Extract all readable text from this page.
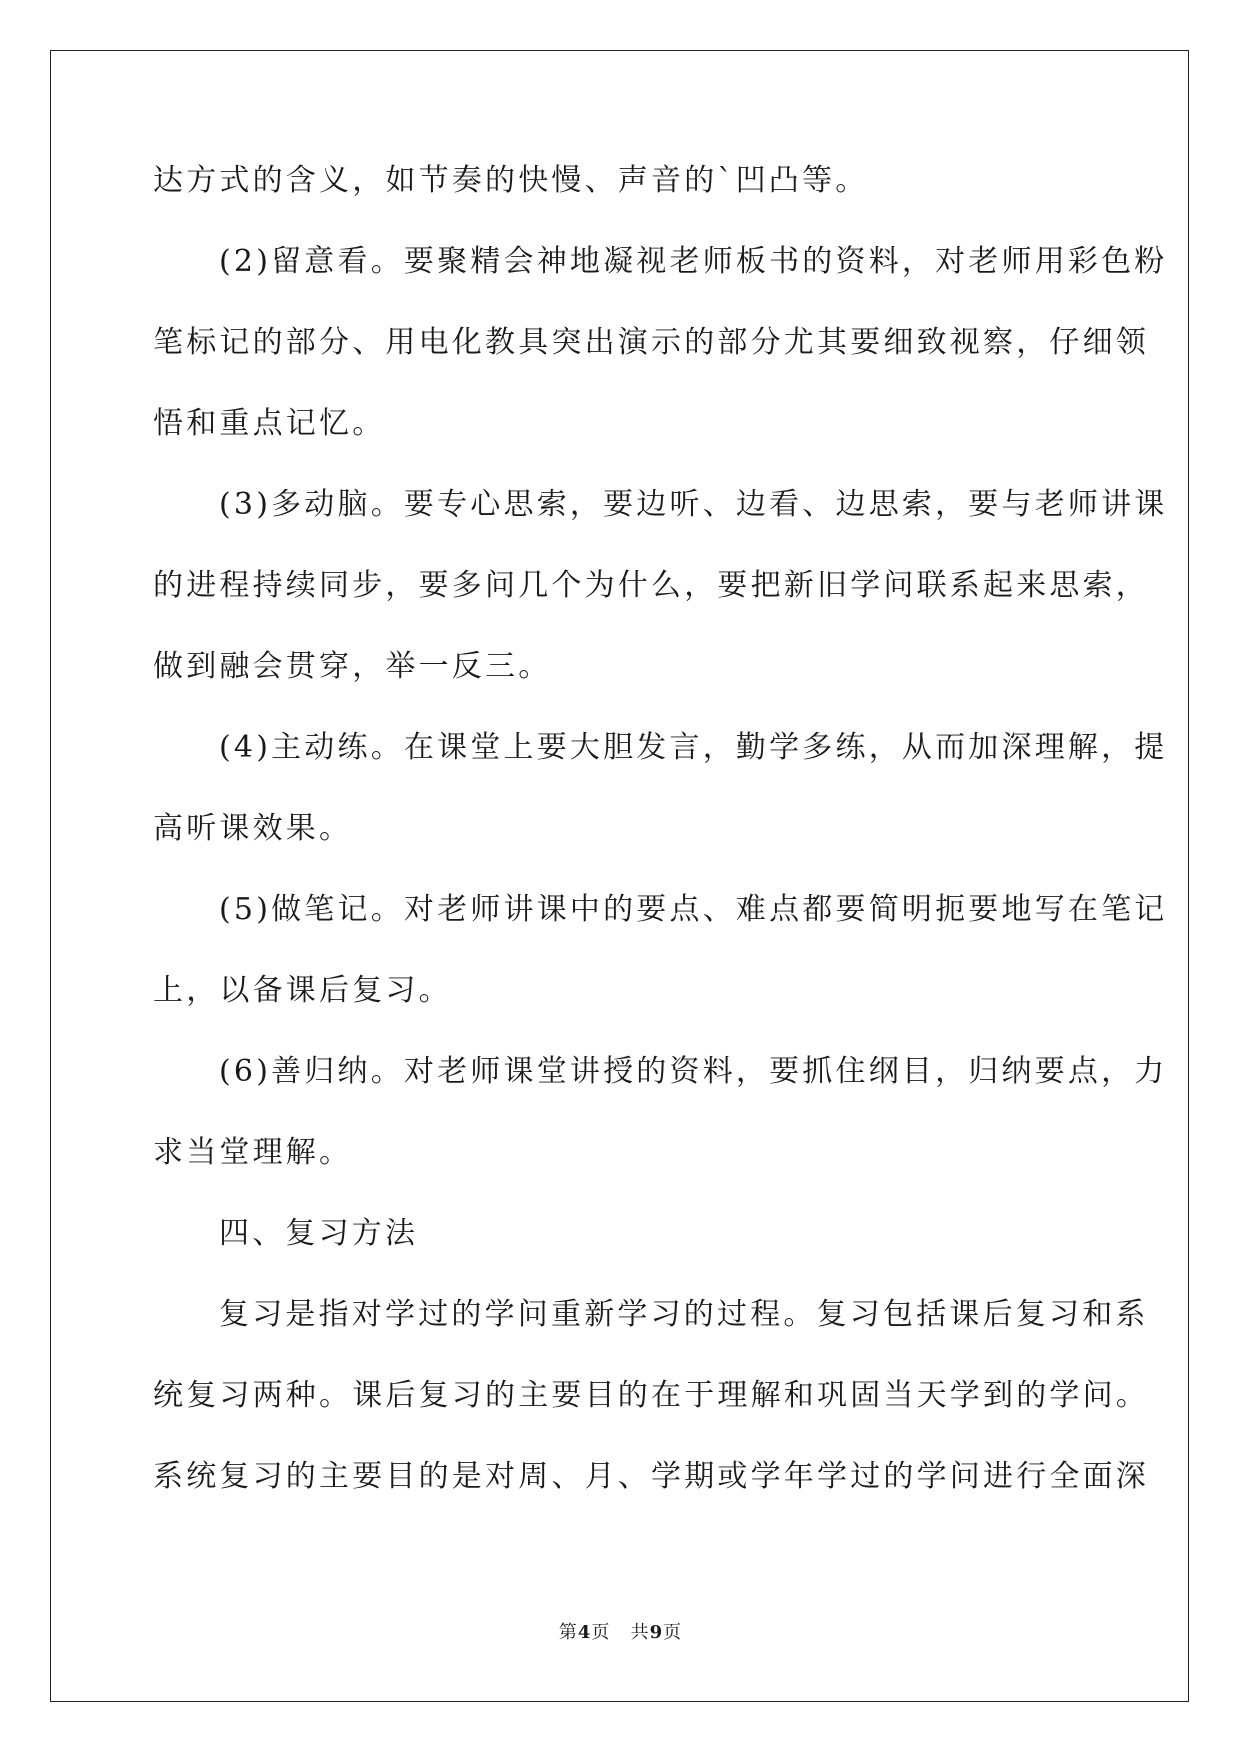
达方式的含义，如节奏的快慢、声音的`凹凸等。
(2)留意看。要聚精会神地凝视老师板书的资料，对老师用彩色粉
笔标记的部分、用电化教具突出演示的部分尤其要细致视察，仔细领
悟和重点记忆。
(3)多动脑。要专心思索，要边听、边看、边思索，要与老师讲课
的进程持续同步，要多问几个为什么，要把新旧学问联系起来思索，
做到融会贯穿，举一反三。
(4)主动练。在课堂上要大胆发言，勤学多练，从而加深理解，提
高听课效果。
(5)做笔记。对老师讲课中的要点、难点都要简明扼要地写在笔记
上，以备课后复习。
(6)善归纳。对老师课堂讲授的资料，要抓住纲目，归纳要点，力
求当堂理解。
四、复习方法
复习是指对学过的学问重新学习的过程。复习包括课后复习和系
统复习两种。课后复习的主要目的在于理解和巩固当天学到的学问。
系统复习的主要目的是对周、月、学期或学年学过的学问进行全面深
第4页 共9页
